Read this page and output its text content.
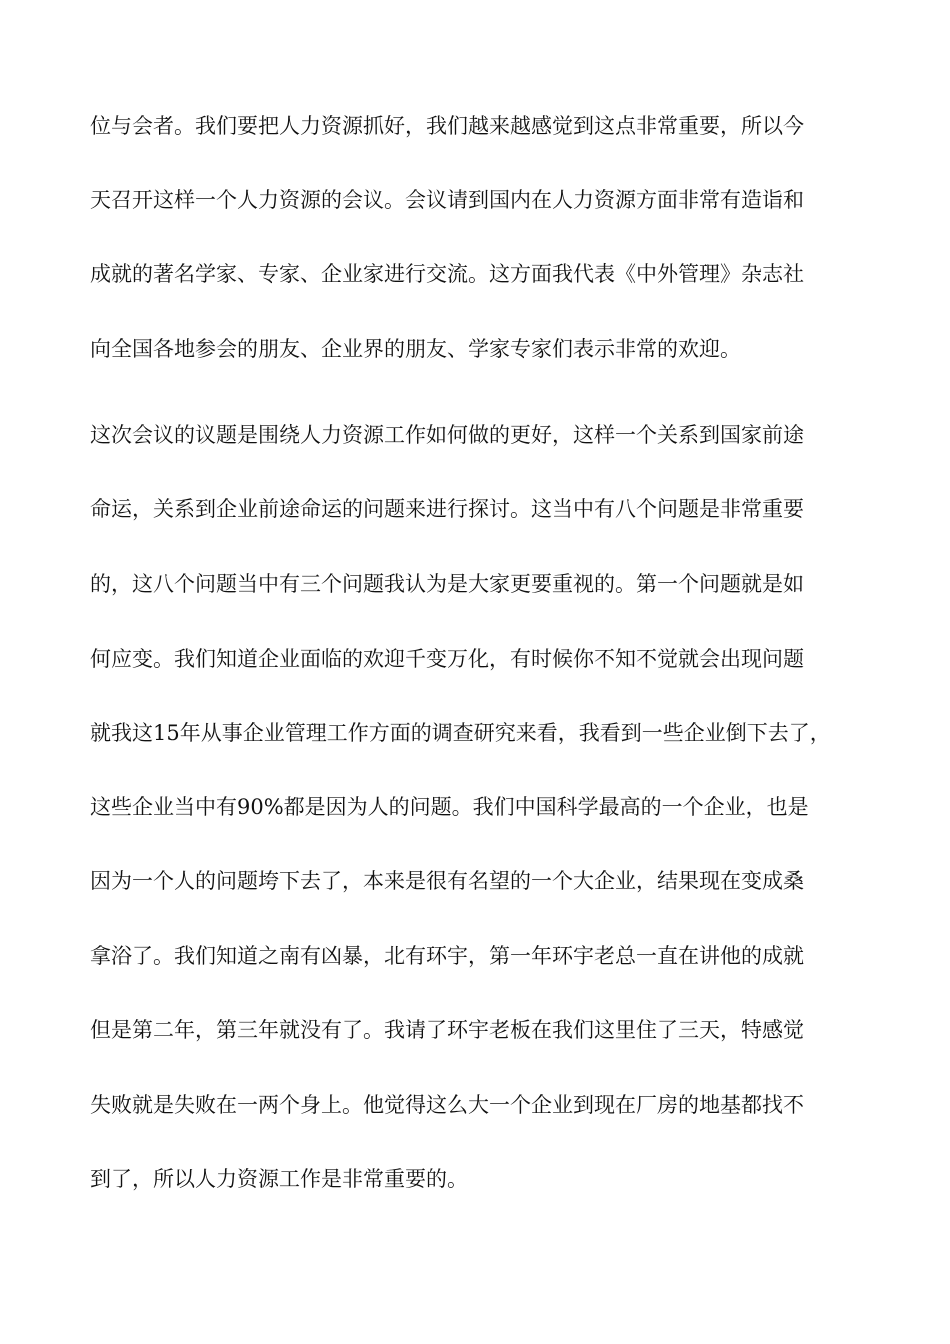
位与会者。我们要把人力资源抓好，我们越来越感觉到这点非常重要，所以今
天召开这样一个人力资源的会议。会议请到国内在人力资源方面非常有造诣和
成就的著名学家、专家、企业家进行交流。这方面我代表《中外管理》杂志社
向全国各地参会的朋友、企业界的朋友、学家专家们表示非常的欢迎。
这次会议的议题是围绕人力资源工作如何做的更好，这样一个关系到国家前途
命运，关系到企业前途命运的问题来进行探讨。这当中有八个问题是非常重要
的，这八个问题当中有三个问题我认为是大家更要重视的。第一个问题就是如
何应变。我们知道企业面临的欢迎千变万化，有时候你不知不觉就会出现问题
就我这15年从事企业管理工作方面的调查研究来看，我看到一些企业倒下去了，
这些企业当中有90%都是因为人的问题。我们中国科学最高的一个企业，也是
因为一个人的问题垮下去了，本来是很有名望的一个大企业，结果现在变成桑
拿浴了。我们知道之南有凶暴，北有环宇，第一年环宇老总一直在讲他的成就
但是第二年，第三年就没有了。我请了环宇老板在我们这里住了三天，特感觉
失败就是失败在一两个身上。他觉得这么大一个企业到现在厂房的地基都找不
到了，所以人力资源工作是非常重要的。
